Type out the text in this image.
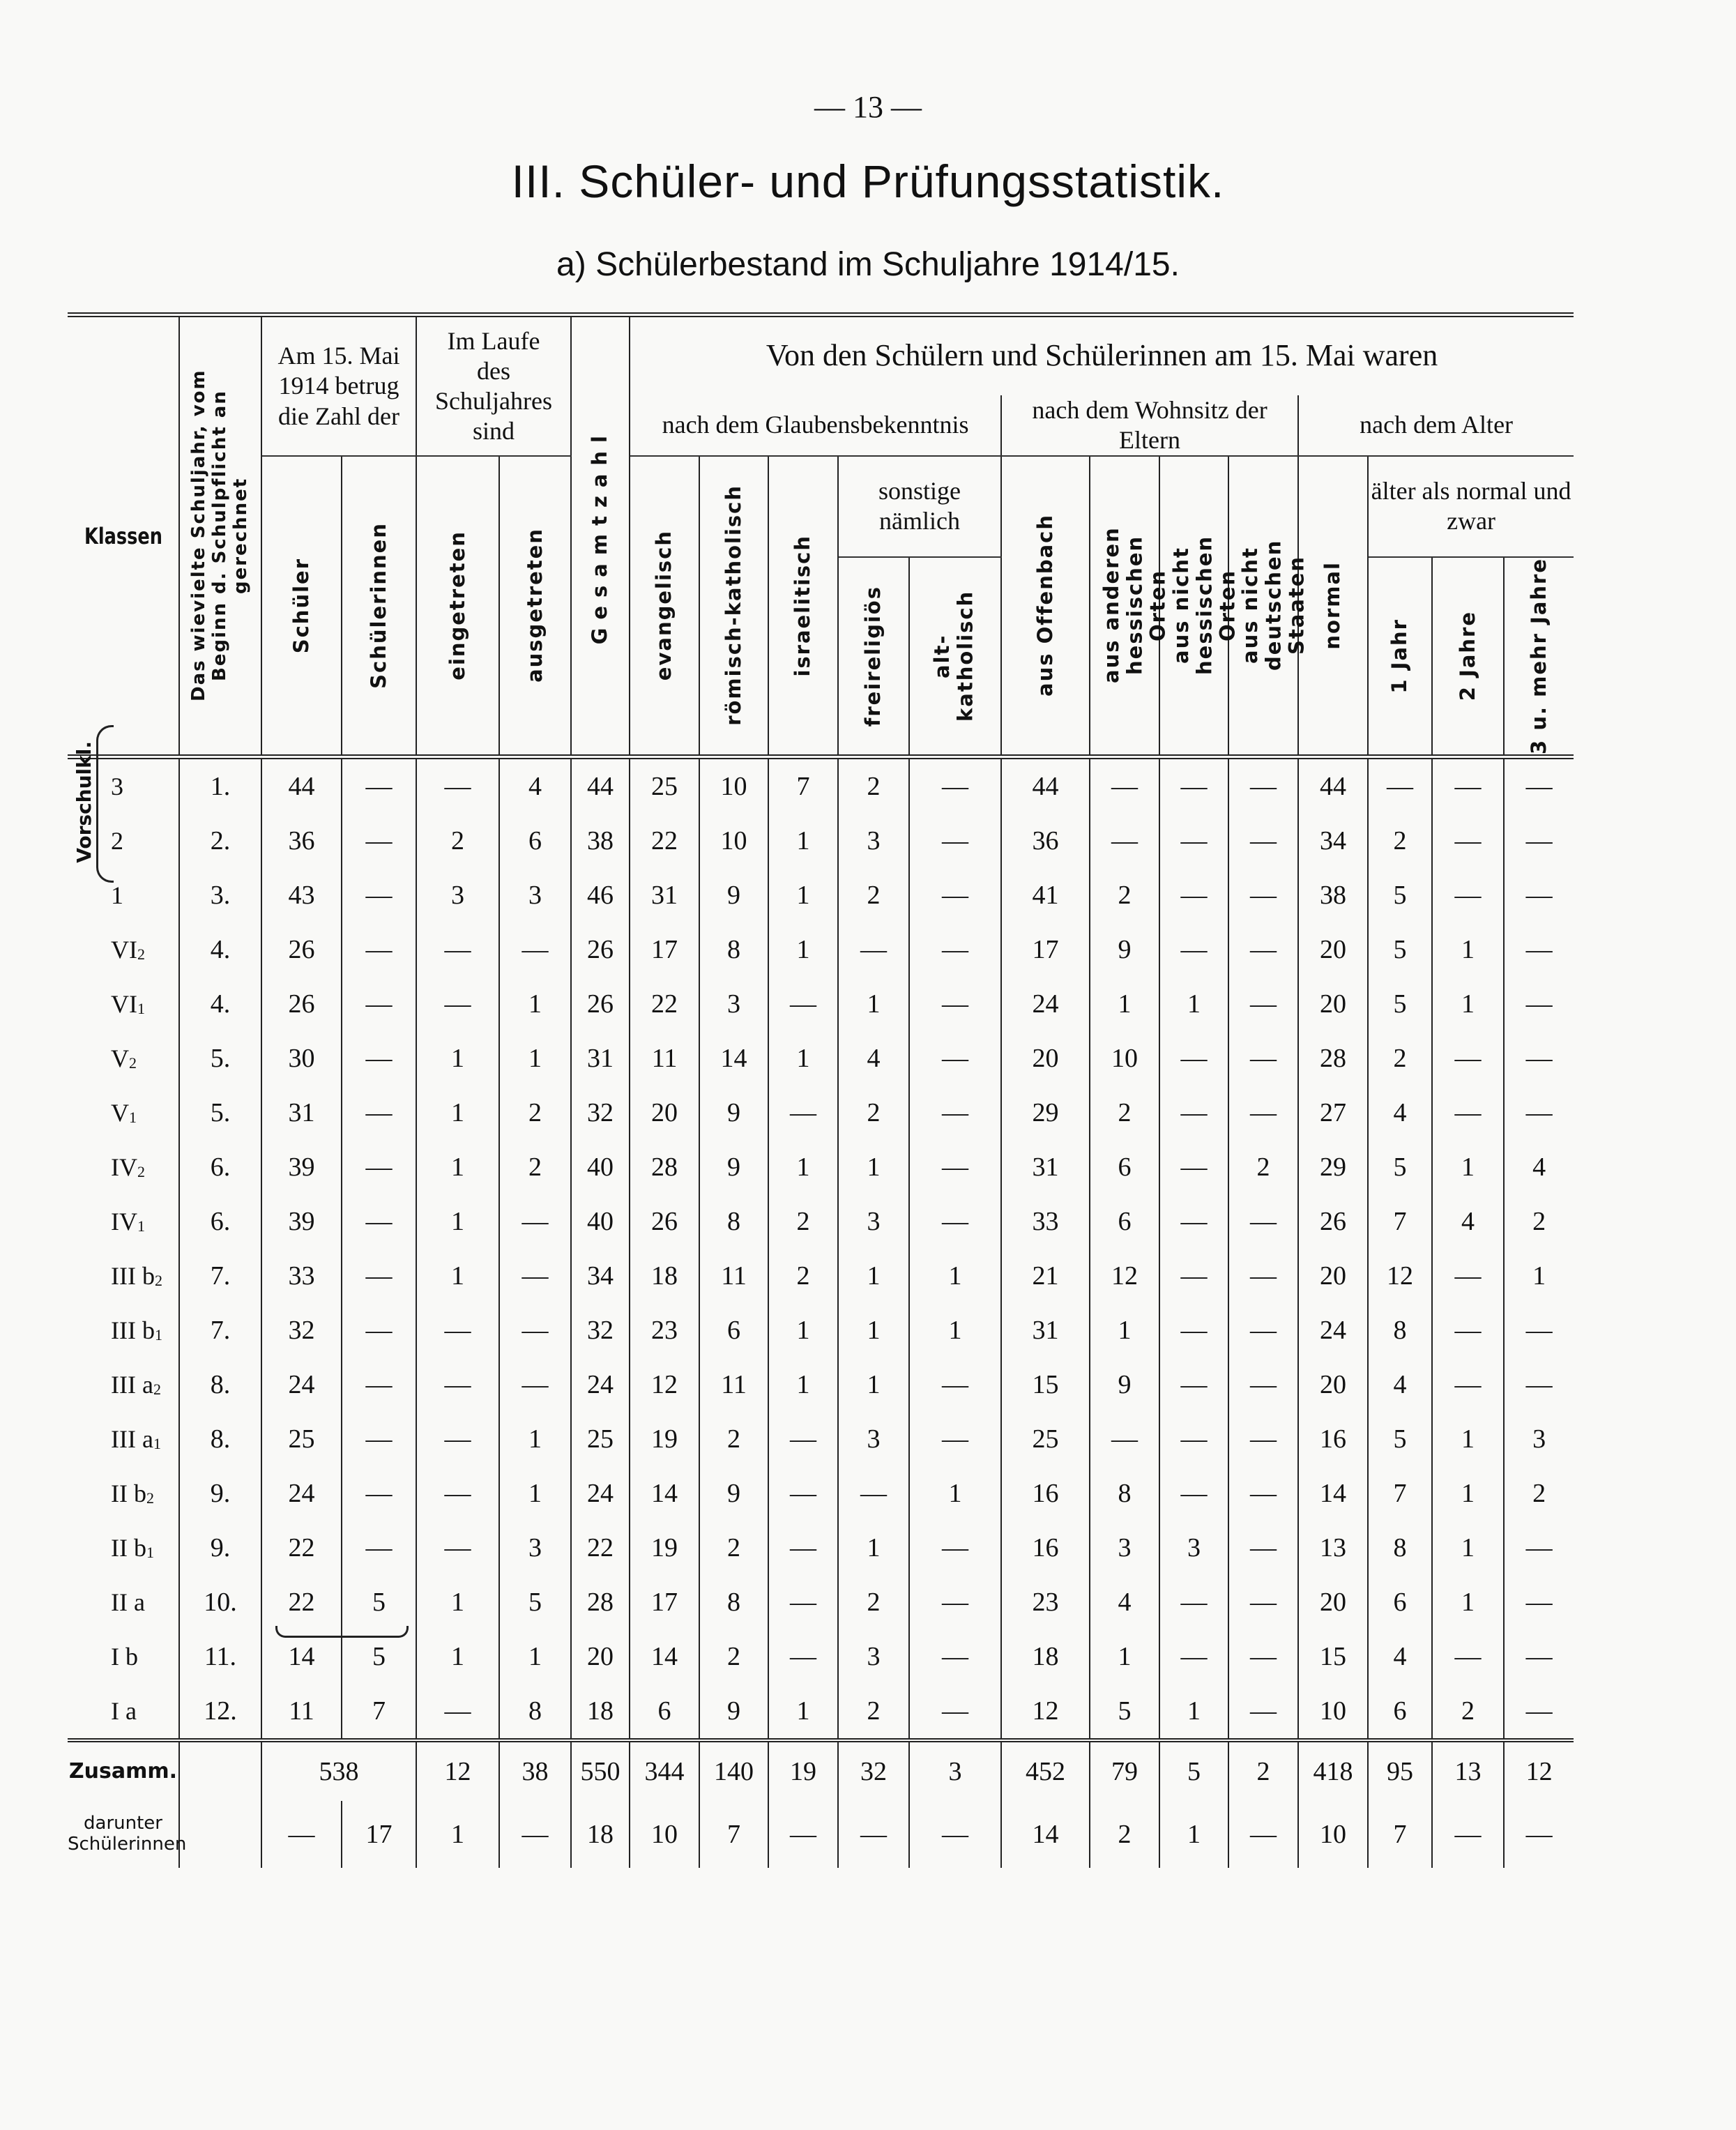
— 13 —
III. Schüler- und Prüfungsstatistik.
a) Schülerbestand im Schuljahre 1914/15.
Klassen	Das wievielte Schuljahr, vom Beginn d. Schulpflicht an gerechnet	Am 15. Mai 1914 betrug die Zahl der		Im Laufe des Schuljahres sind		Gesamtzahl	Von den Schülern und Schülerinnen am 15. Mai waren												
							nach dem Glaubensbekenntnis					nach dem Wohnsitz der Eltern				nach dem Alter			

		Schüler	Schülerinnen	eingetreten	ausgetreten		evangelisch	römisch-katholisch	israelitisch	sonstige nämlich		aus Offenbach	aus anderen hessischen Orten	aus nicht hessischen Orten	aus nicht deutschen Staaten	normal	älter als normal und zwar		

										freireligiös	alt-katholisch						1 Jahr	2 Jahre	3 u. mehr Jahre

3	1.	44	—	—	4	44	25	10	7	2	—	44	—	—	—	44	—	—	—
2	2.	36	—	2	6	38	22	10	1	3	—	36	—	—	—	34	2	—	—
1	3.	43	—	3	3	46	31	9	1	2	—	41	2	—	—	38	5	—	—
$VI_2$	4.	26	—	—	—	26	17	8	1	—	—	17	9	—	—	20	5	1	—
$VI_1$	4.	26	—	—	1	26	22	3	—	1	—	24	1	1	—	20	5	1	—
$V_2$	5.	30	—	1	1	31	11	14	1	4	—	20	10	—	—	28	2	—	—
$V_1$	5.	31	—	1	2	32	20	9	—	2	—	29	2	—	—	27	4	—	—
$IV_2$	6.	39	—	1	2	40	28	9	1	1	—	31	6	—	2	29	5	1	4
$IV_1$	6.	39	—	1	—	40	26	8	2	3	—	33	6	—	—	26	7	4	2
III $b_2$	7.	33	—	1	—	34	18	11	2	1	1	21	12	—	—	20	12	—	1
III $b_1$	7.	32	—	—	—	32	23	6	1	1	1	31	1	—	—	24	8	—	—
III $a_2$	8.	24	—	—	—	24	12	11	1	1	—	15	9	—	—	20	4	—	—
III $a_1$	8.	25	—	—	1	25	19	2	—	3	—	25	—	—	—	16	5	1	3
II $b_2$	9.	24	—	—	1	24	14	9	—	—	1	16	8	—	—	14	7	1	2
II $b_1$	9.	22	—	—	3	22	19	2	—	1	—	16	3	3	—	13	8	1	—
II a	10.	22	5	1	5	28	17	8	—	2	—	23	4	—	—	20	6	1	—
I b	11.	14	5	1	1	20	14	2	—	3	—	18	1	—	—	15	4	—	—
I a	12.	11	7	—	8	18	6	9	1	2	—	12	5	1	—	10	6	2	—
Zusamm.		538		12	38	550	344	140	19	32	3	452	79	5	2	418	95	13	12
darunter Schülerinnen		—	17	1	—	18	10	7	—	—	—	14	2	1	—	10	7	—	—
Vorschulkl.
